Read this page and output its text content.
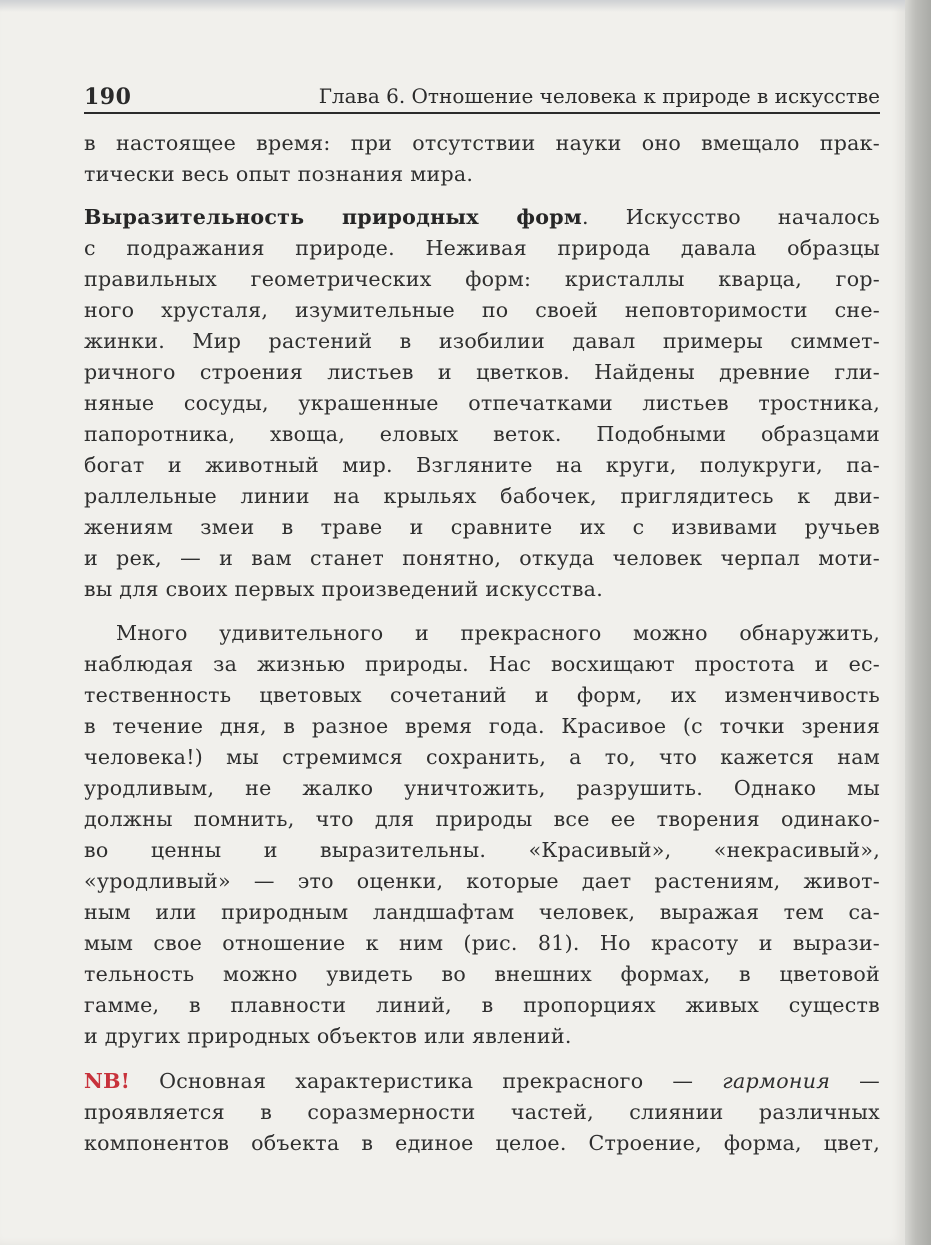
190	Глава 6. Отношение человека к природе в искусстве
в настоящее время: при отсутствии науки оно вмещало прак-
тически весь опыт познания мира.
Выразительность природных форм. Искусство началось
с подражания природе. Неживая природа давала образцы
правильных геометрических форм: кристаллы кварца, гор-
ного хрусталя, изумительные по своей неповторимости сне-
жинки. Мир растений в изобилии давал примеры симмет-
ричного строения листьев и цветков. Найдены древние гли-
няные сосуды, украшенные отпечатками листьев тростника,
папоротника, хвоща, еловых веток. Подобными образцами
богат и животный мир. Взгляните на круги, полукруги, па-
раллельные линии на крыльях бабочек, приглядитесь к дви-
жениям змеи в траве и сравните их с извивами ручьев
и рек, — и вам станет понятно, откуда человек черпал моти-
вы для своих первых произведений искусства.
Много удивительного и прекрасного можно обнаружить,
наблюдая за жизнью природы. Нас восхищают простота и ес-
тественность цветовых сочетаний и форм, их изменчивость
в течение дня, в разное время года. Красивое (с точки зрения
человека!) мы стремимся сохранить, а то, что кажется нам
уродливым, не жалко уничтожить, разрушить. Однако мы
должны помнить, что для природы все ее творения одинако-
во ценны и выразительны. «Красивый», «некрасивый»,
«уродливый» — это оценки, которые дает растениям, живот-
ным или природным ландшафтам человек, выражая тем са-
мым свое отношение к ним (рис. 81). Но красоту и вырази-
тельность можно увидеть во внешних формах, в цветовой
гамме, в плавности линий, в пропорциях живых существ
и других природных объектов или явлений.
NB! Основная характеристика прекрасного — гармония —
проявляется в соразмерности частей, слиянии различных
компонентов объекта в единое целое. Строение, форма, цвет,
